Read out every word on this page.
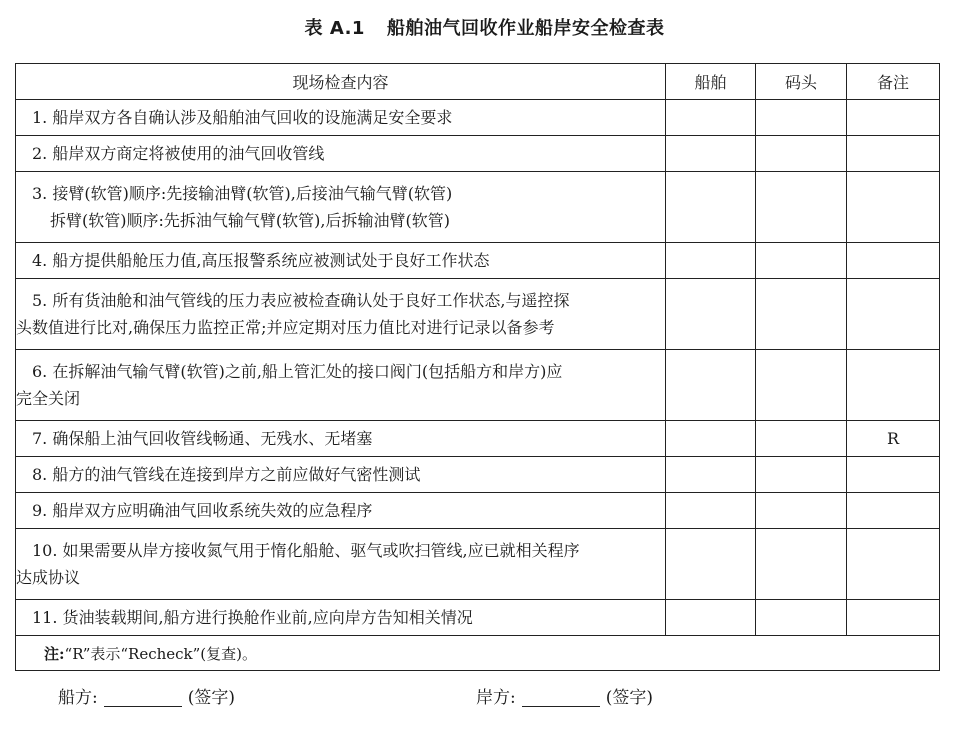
表 A.1 船舶油气回收作业船岸安全检查表
现场检查内容	船舶	码头	备注

1. 船岸双方各自确认涉及船舶油气回收的设施满足安全要求			

2. 船岸双方商定将被使用的油气回收管线			

3. 接臂(软管)顺序:先接输油臂(软管),后接油气输气臂(软管)
拆臂(软管)顺序:先拆油气输气臂(软管),后拆输油臂(软管)			

4. 船方提供船舱压力值,高压报警系统应被测试处于良好工作状态			

5. 所有货油舱和油气管线的压力表应被检查确认处于良好工作状态,与遥控探
头数值进行比对,确保压力监控正常;并应定期对压力值比对进行记录以备参考			

6. 在拆解油气输气臂(软管)之前,船上管汇处的接口阀门(包括船方和岸方)应
完全关闭			

7. 确保船上油气回收管线畅通、无残水、无堵塞			R

8. 船方的油气管线在连接到岸方之前应做好气密性测试			

9. 船岸双方应明确油气回收系统失效的应急程序			

10. 如果需要从岸方接收氮气用于惰化船舱、驱气或吹扫管线,应已就相关程序
达成协议			

11. 货油装载期间,船方进行换舱作业前,应向岸方告知相关情况			

注:“R”表示“Recheck”(复查)。			
船方:	(签字)	岸方:	(签字)
